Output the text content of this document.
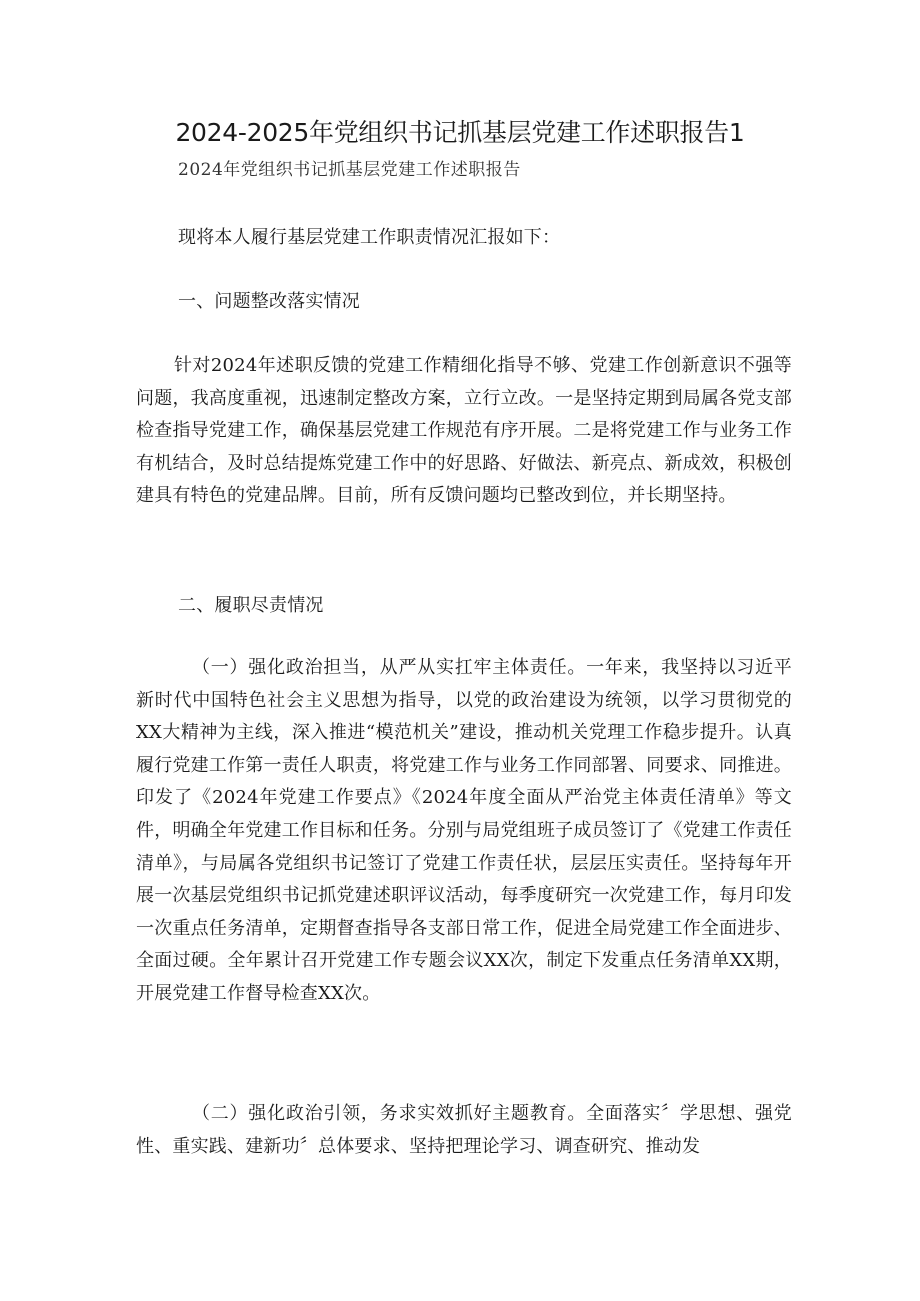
2024-2025年党组织书记抓基层党建工作述职报告1

2024年党组织书记抓基层党建工作述职报告

现将本人履行基层党建工作职责情况汇报如下：

一、问题整改落实情况

针对2024年述职反馈的党建工作精细化指导不够、党建工作创新意识不强等问题，我高度重视，迅速制定整改方案，立行立改。一是坚持定期到局属各党支部检查指导党建工作，确保基层党建工作规范有序开展。二是将党建工作与业务工作有机结合，及时总结提炼党建工作中的好思路、好做法、新亮点、新成效，积极创建具有特色的党建品牌。目前，所有反馈问题均已整改到位，并长期坚持。

二、履职尽责情况

（一）强化政治担当，从严从实扛牢主体责任。一年来，我坚持以习近平新时代中国特色社会主义思想为指导，以党的政治建设为统领，以学习贯彻党的XX大精神为主线，深入推进“模范机关”建设，推动机关党理工作稳步提升。认真履行党建工作第一责任人职责，将党建工作与业务工作同部署、同要求、同推进。印发了《2024年党建工作要点》《2024年度全面从严治党主体责任清单》等文件，明确全年党建工作目标和任务。分别与局党组班子成员签订了《党建工作责任清单》，与局属各党组织书记签订了党建工作责任状，层层压实责任。坚持每年开展一次基层党组织书记抓党建述职评议活动，每季度研究一次党建工作，每月印发一次重点任务清单，定期督查指导各支部日常工作，促进全局党建工作全面进步、全面过硬。全年累计召开党建工作专题会议XX次，制定下发重点任务清单XX期，开展党建工作督导检查XX次。

（二）强化政治引领，务求实效抓好主题教育。全面落实〞学思想、强党性、重实践、建新功〞总体要求、坚持把理论学习、调查研究、推动发
